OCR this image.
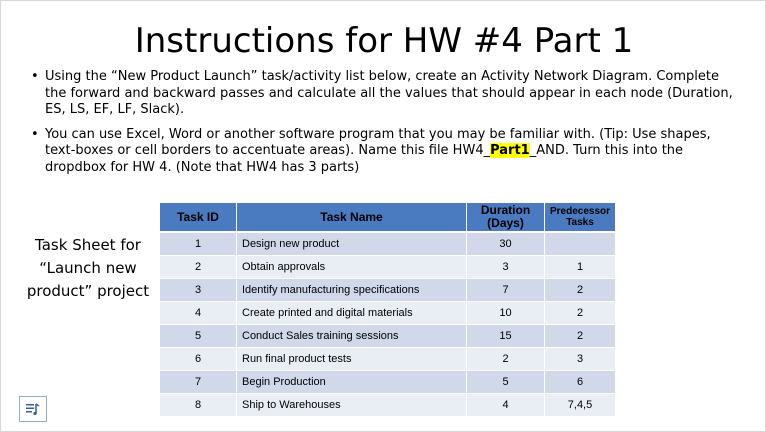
Instructions for HW #4 Part 1
• Using the “New Product Launch” task/activity list below, create an Activity Network Diagram. Complete the forward and backward passes and calculate all the values that should appear in each node (Duration, ES, LS, EF, LF, Slack).
• You can use Excel, Word or another software program that you may be familiar with. (Tip: Use shapes, text-boxes or cell borders to accentuate areas). Name this file HW4_Part1_AND. Turn this into the dropdbox for HW 4. (Note that HW4 has 3 parts)
Task Sheet for “Launch new product” project
Task ID	Task Name	Duration (Days)	Predecessor Tasks
1	Design new product	30	
2	Obtain approvals	3	1
3	Identify manufacturing specifications	7	2
4	Create printed and digital materials	10	2
5	Conduct Sales training sessions	15	2
6	Run final product tests	2	3
7	Begin Production	5	6
8	Ship to Warehouses	4	7,4,5
